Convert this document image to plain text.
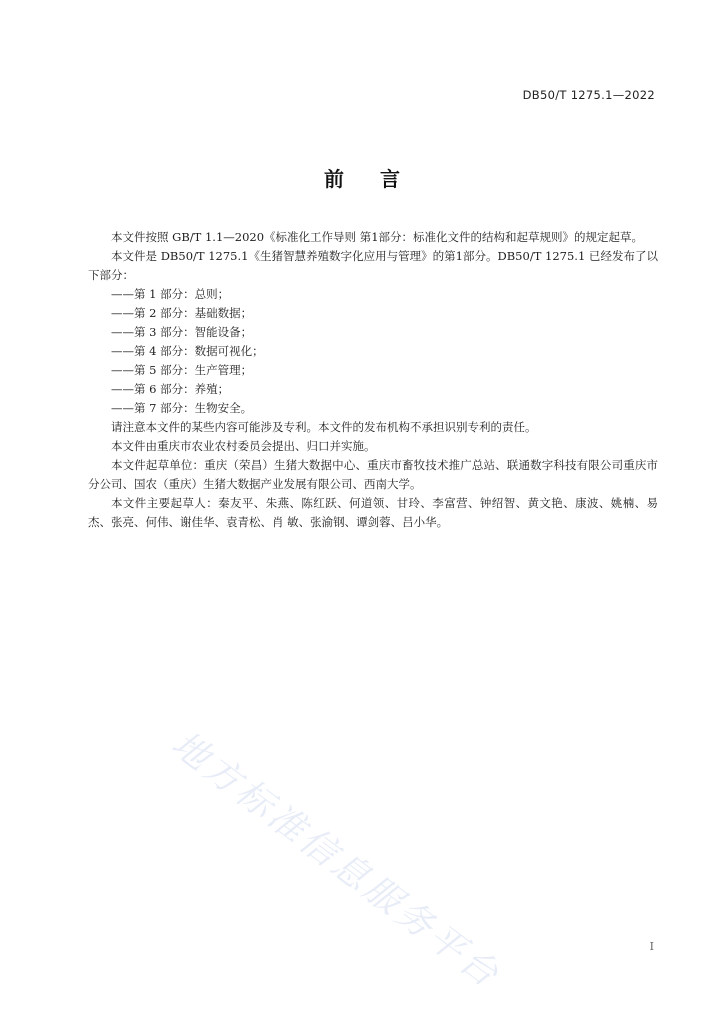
DB50/T 1275.1—2022
前言

本文件按照 GB/T 1.1—2020《标准化工作导则 第1部分：标准化文件的结构和起草规则》的规定起草。

本文件是 DB50/T 1275.1《生猪智慧养殖数字化应用与管理》的第1部分。DB50/T 1275.1 已经发布了以下部分：

——第 1 部分：总则；

——第 2 部分：基础数据；

——第 3 部分：智能设备；

——第 4 部分：数据可视化；

——第 5 部分：生产管理；

——第 6 部分：养殖；

——第 7 部分：生物安全。

请注意本文件的某些内容可能涉及专利。本文件的发布机构不承担识别专利的责任。

本文件由重庆市农业农村委员会提出、归口并实施。

本文件起草单位：重庆（荣昌）生猪大数据中心、重庆市畜牧技术推广总站、联通数字科技有限公司重庆市分公司、国农（重庆）生猪大数据产业发展有限公司、西南大学。

本文件主要起草人：秦友平、朱燕、陈红跃、何道领、甘玲、李富营、钟绍智、黄文艳、康波、姚楠、易杰、张亮、何伟、谢佳华、袁青松、肖 敏、张渝钢、谭剑蓉、吕小华。

地方标准信息服务平台	I
